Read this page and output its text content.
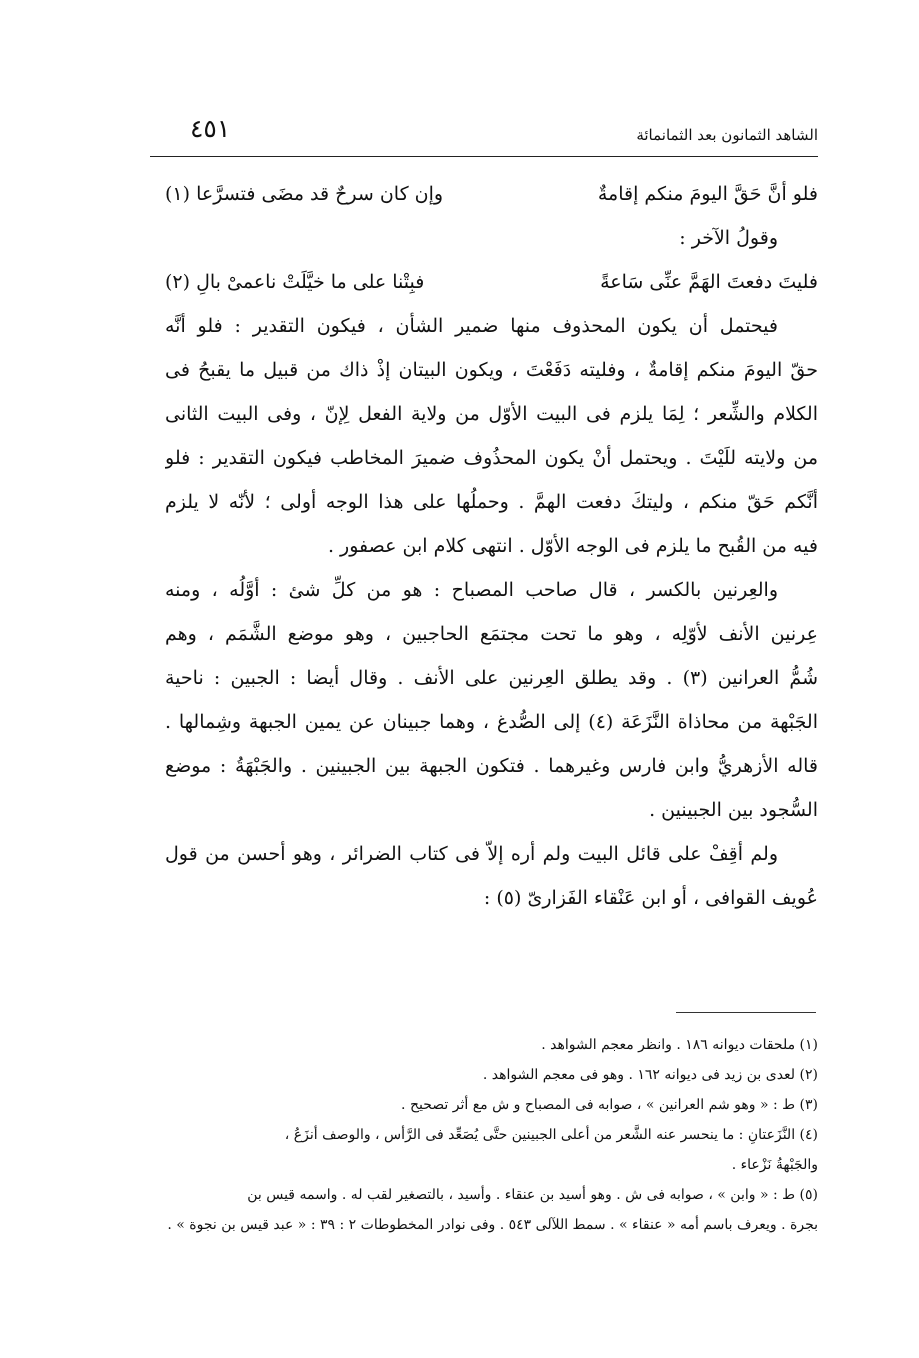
الشاهد الثمانون بعد الثمانمائة
٤٥١
فلو أنَّ حَقَّ اليومَ منكم إقامةٌ
وإن كان سرحٌ قد مضَى فتسرَّعا (١)
وقولُ الآخر :
فليتَ دفعتَ الهَمَّ عنِّى سَاعةً
فبِتْنا على ما خيَّلَتْ ناعمىْ بالِ (٢)
فيحتمل أن يكون المحذوف منها ضمير الشأن ، فيكون التقدير : فلو أنَّه
حقّ اليومَ منكم إقامةٌ ، وفليته دَفَعْتَ ، ويكون البيتان إذْ ذاك من قبيل ما يقبحُ فى
الكلام والشِّعر ؛ لِمَا يلزم فى البيت الأوّل من ولاية الفعل لِإنّ ، وفى البيت الثانى
من ولايته للَيْتَ . ويحتمل أنْ يكون المحذُوف ضميرَ المخاطب فيكون التقدير : فلو
أنَّكم حَقّ منكم ، وليتكَ دفعت الهمَّ . وحملُها على هذا الوجه أولى ؛ لأنّه لا يلزم
فيه من القُبح ما يلزم فى الوجه الأوّل . انتهى كلام ابن عصفور .
والعِرنين بالكسر ، قال صاحب المصباح : هو من كلِّ شئ : أوَّلُه ، ومنه
عِرنين الأنف لأوّلِه ، وهو ما تحت مجتمَع الحاجبين ، وهو موضع الشَّمَم ، وهم
شُمُّ العرانين (٣) . وقد يطلق العِرنين على الأنف . وقال أيضا : الجبين : ناحية
الجَبْهة من محاذاة النَّزَعَة (٤) إلى الصُّدغ ، وهما جبينان عن يمين الجبهة وشِمالها .
قاله الأزهريُّ وابن فارس وغيرهما . فتكون الجبهة بين الجبينين . والجَبْهَةُ : موضع
السُّجود بين الجبينين .
ولم أقِفْ على قائل البيت ولم أره إلاّ فى كتاب الضرائر ، وهو أحسن من قول
عُويف القوافى ، أو ابن عَنْقاء الفَزارىّ (٥) :
(١) ملحقات ديوانه ١٨٦ . وانظر معجم الشواهد .
(٢) لعدى بن زيد فى ديوانه ١٦٢ . وهو فى معجم الشواهد .
(٣) ط : « وهو شم العرانين » ، صوابه فى المصباح و ش مع أثر تصحيح .
(٤) النَّزَعتانِ : ما ينحسر عنه الشَّعر من أعلى الجبينين حتَّى يُصَعِّد فى الرَّأس ، والوصف أنزَعُ ،
والجَبْهةُ نَزْعاء .
(٥) ط : « وابن » ، صوابه فى ش . وهو أسيد بن عنقاء . وأسيد ، بالتصغير لقب له . واسمه قيس بن
بجرة . ويعرف باسم أمه « عنقاء » . سمط اللآلى ٥٤٣ . وفى نوادر المخطوطات ٢ : ٣٩ : « عبد قيس بن نجوة » .
